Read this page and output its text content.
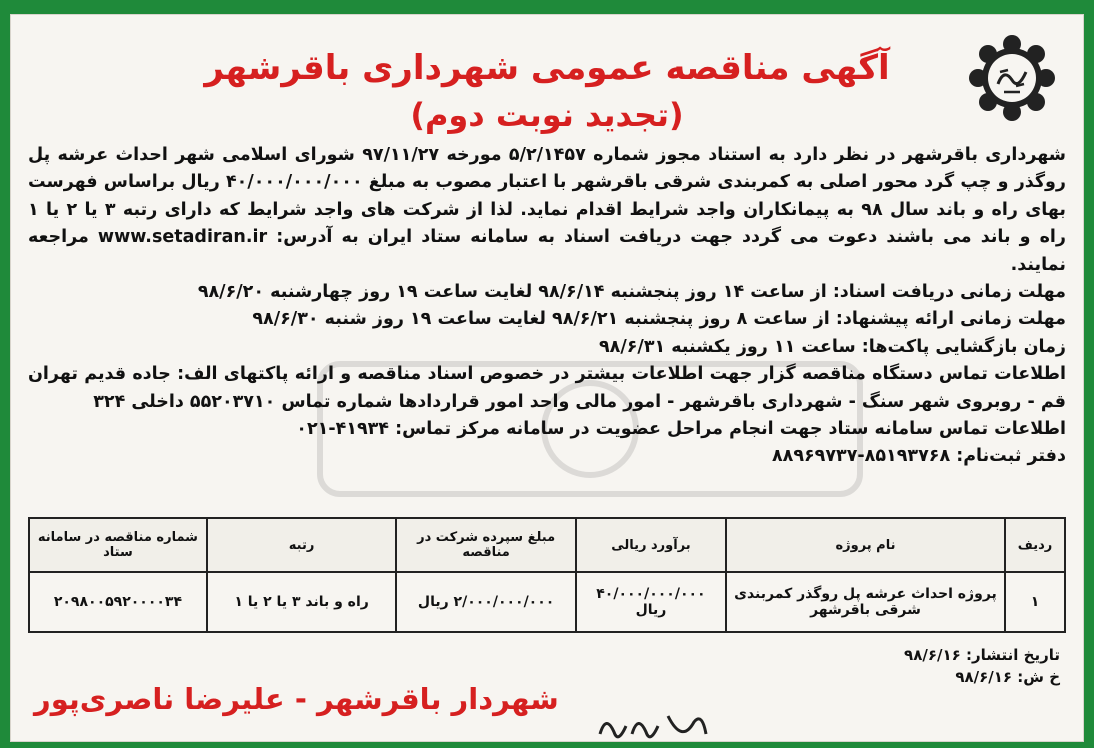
آگهی مناقصه عمومی شهرداری باقرشهر
(تجدید نوبت دوم)

شهرداری باقرشهر در نظر دارد به استناد مجوز شماره ۵/۲/۱۴۵۷ مورخه ۹۷/۱۱/۲۷ شورای اسلامی شهر احداث عرشه پل روگذر و چپ گرد محور اصلی به کمربندی شرقی باقرشهر با اعتبار مصوب به مبلغ ۴۰/۰۰۰/۰۰۰/۰۰۰ ریال براساس فهرست بهای راه و باند سال ۹۸ به پیمانکاران واجد شرایط اقدام نماید. لذا از شرکت های واجد شرایط که دارای رتبه ۳ یا ۲ یا ۱ راه و باند می باشند دعوت می گردد جهت دریافت اسناد به سامانه ستاد ایران به آدرس: www.setadiran.ir مراجعه نمایند.

مهلت زمانی دریافت اسناد: از ساعت ۱۴ روز پنجشنبه ۹۸/۶/۱۴ لغایت ساعت ۱۹ روز چهارشنبه ۹۸/۶/۲۰

مهلت زمانی ارائه پیشنهاد: از ساعت ۸ روز پنجشنبه ۹۸/۶/۲۱ لغایت ساعت ۱۹ روز شنبه ۹۸/۶/۳۰

زمان بازگشایی پاکت‌ها: ساعت ۱۱ روز یکشنبه ۹۸/۶/۳۱

اطلاعات تماس دستگاه مناقصه گزار جهت اطلاعات بیشتر در خصوص اسناد مناقصه و ارائه پاکتهای الف: جاده قدیم تهران قم - روبروی شهر سنگ - شهرداری باقرشهر - امور مالی واحد امور قراردادها شماره تماس ۵۵۲۰۳۷۱۰ داخلی ۳۲۴

اطلاعات تماس سامانه ستاد جهت انجام مراحل عضویت در سامانه مرکز تماس: ۴۱۹۳۴-۰۲۱

دفتر ثبت‌نام: ۸۵۱۹۳۷۶۸-۸۸۹۶۹۷۳۷

ردیف	نام پروژه	برآورد ریالی	مبلغ سپرده شرکت در مناقصه	رتبه	شماره مناقصه در سامانه ستاد
۱	پروژه احداث عرشه پل روگذر کمربندی شرقی باقرشهر	۴۰/۰۰۰/۰۰۰/۰۰۰ ریال	۲/۰۰۰/۰۰۰/۰۰۰ ریال	راه و باند ۳ یا ۲ یا ۱	۲۰۹۸۰۰۵۹۲۰۰۰۰۳۴
تاریخ انتشار: ۹۸/۶/۱۶
خ ش: ۹۸/۶/۱۶
شهردار باقرشهر - علیرضا ناصری‌پور
